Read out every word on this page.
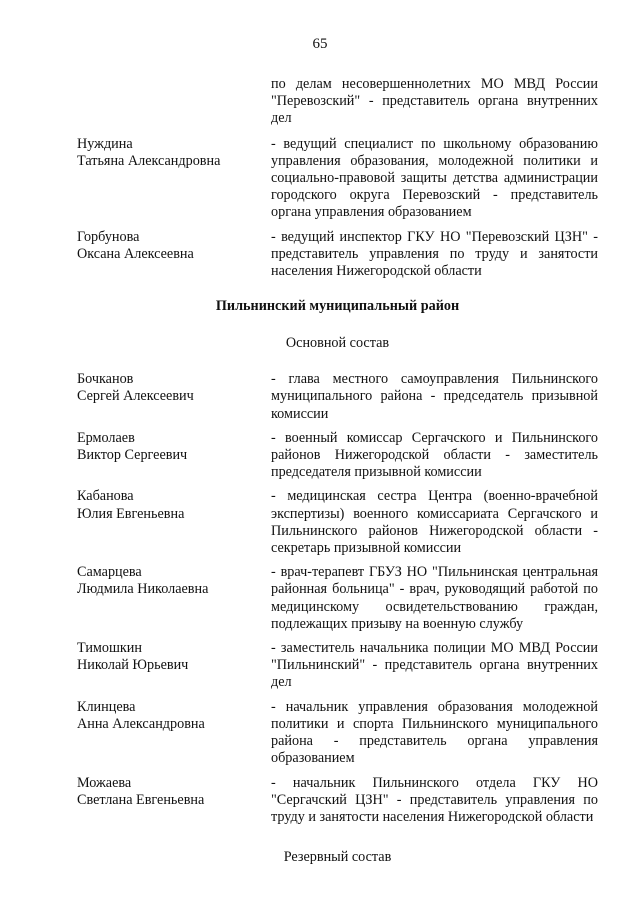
65
по делам несовершеннолетних МО МВД России "Перевозский" - представитель органа внутренних дел
Нуждина
Татьяна Александровна
- ведущий специалист по школьному образованию управления образования, молодежной политики и социально-правовой защиты детства администрации городского округа Перевозский - представитель органа управления образованием
Горбунова
Оксана Алексеевна
- ведущий инспектор ГКУ НО "Перевозский ЦЗН" - представитель управления по труду и занятости населения Нижегородской области
Пильнинский муниципальный район
Основной состав
Бочканов
Сергей Алексеевич
- глава местного самоуправления Пильнинского муниципального района - председатель призывной комиссии
Ермолаев
Виктор Сергеевич
- военный комиссар Сергачского и Пильнинского районов Нижегородской области - заместитель председателя призывной комиссии
Кабанова
Юлия Евгеньевна
- медицинская сестра Центра (военно-врачебной экспертизы) военного комиссариата Сергачского и Пильнинского районов Нижегородской области - секретарь призывной комиссии
Самарцева
Людмила Николаевна
- врач-терапевт ГБУЗ НО "Пильнинская центральная районная больница" - врач, руководящий работой по медицинскому освидетельствованию граждан, подлежащих призыву на военную службу
Тимошкин
Николай Юрьевич
- заместитель начальника полиции МО МВД России "Пильнинский" - представитель органа внутренних дел
Клинцева
Анна Александровна
- начальник управления образования молодежной политики и спорта Пильнинского муниципального района - представитель органа управления образованием
Можаева
Светлана Евгеньевна
- начальник Пильнинского отдела ГКУ НО "Сергачский ЦЗН" - представитель управления по труду и занятости населения Нижегородской области
Резервный состав
